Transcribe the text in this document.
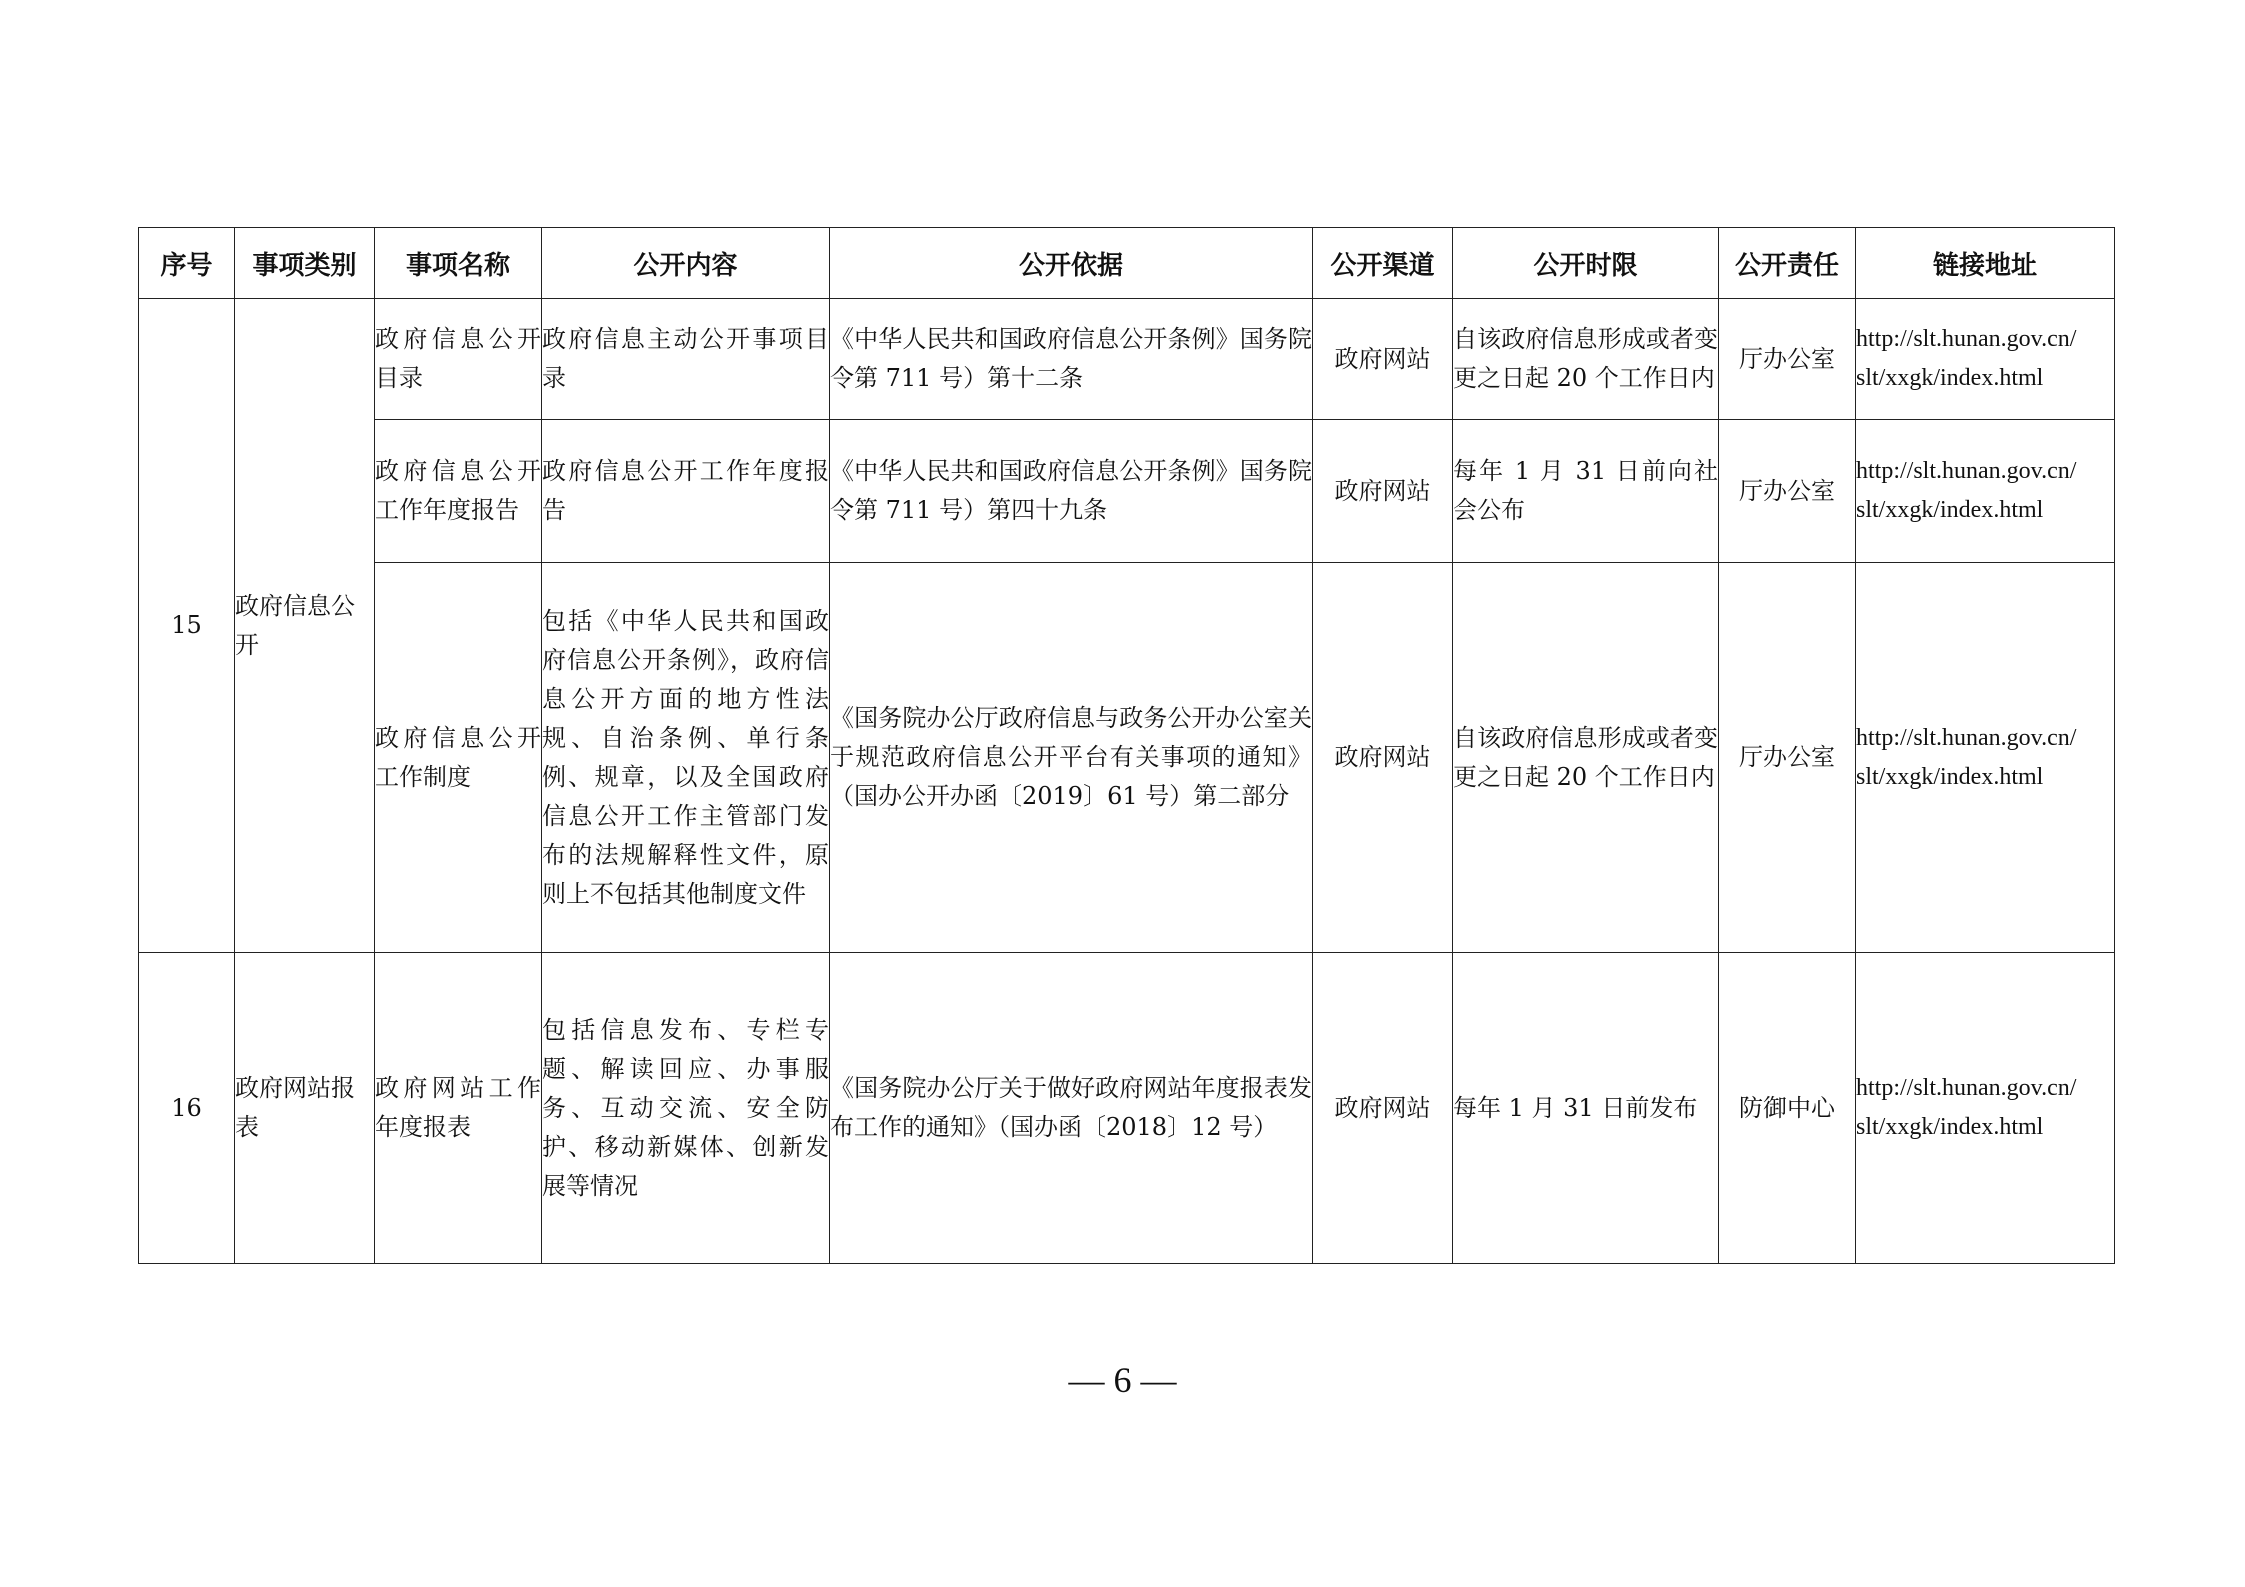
序号	事项类别	事项名称	公开内容	公开依据	公开渠道	公开时限	公开责任	链接地址
15	政府信息公开	政府信息公开目录	政府信息主动公开事项目录	《中华人民共和国政府信息公开条例》国务院令第 711 号）第十二条	政府网站	自该政府信息形成或者变更之日起 20 个工作日内	厅办公室	http://slt.hunan.gov.cn/
slt/xxgk/index.html

		政府信息公开工作年度报告	政府信息公开工作年度报告	《中华人民共和国政府信息公开条例》国务院令第 711 号）第四十九条	政府网站	每年 1 月 31 日前向社会公布	厅办公室	http://slt.hunan.gov.cn/
slt/xxgk/index.html

		政府信息公开工作制度	包括《中华人民共和国政府信息公开条例》，政府信息公开方面的地方性法规、自治条例、单行条例、规章，以及全国政府信息公开工作主管部门发布的法规解释性文件，原则上不包括其他制度文件	《国务院办公厅政府信息与政务公开办公室关于规范政府信息公开平台有关事项的通知》（国办公开办函〔2019〕61 号）第二部分	政府网站	自该政府信息形成或者变更之日起 20 个工作日内	厅办公室	http://slt.hunan.gov.cn/
slt/xxgk/index.html

16	政府网站报表	政府网站工作年度报表	包括信息发布、专栏专题、解读回应、办事服务、互动交流、安全防护、移动新媒体、创新发展等情况	《国务院办公厅关于做好政府网站年度报表发布工作的通知》（国办函〔2018〕12 号）	政府网站	每年 1 月 31 日前发布	防御中心	http://slt.hunan.gov.cn/
slt/xxgk/index.html
— 6 —
